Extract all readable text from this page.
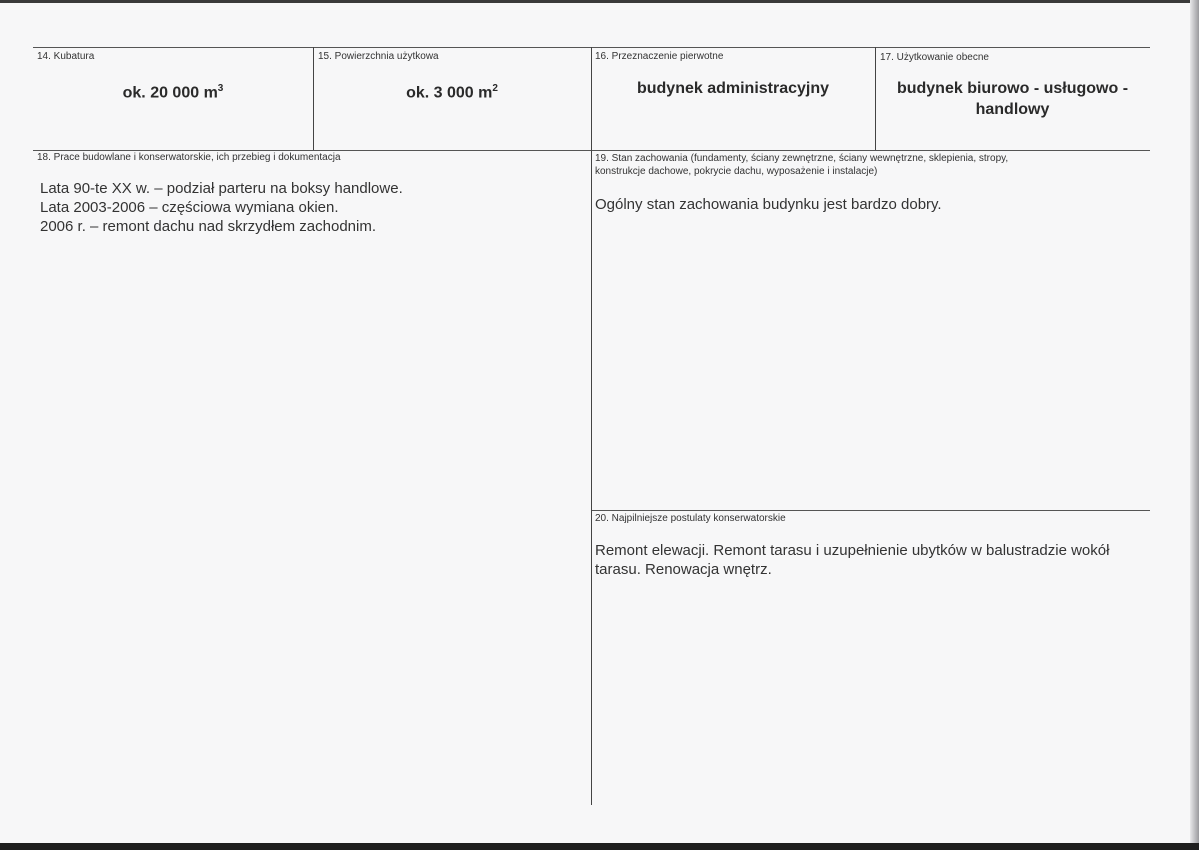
14. Kubatura
ok. 20 000 $m^3$
15. Powierzchnia użytkowa
ok. 3 000 $m^2$
16. Przeznaczenie pierwotne
budynek administracyjny
17. Użytkowanie obecne
budynek biurowo - usługowo -
handlowy
18. Prace budowlane i konserwatorskie, ich przebieg i dokumentacja
Lata 90-te XX w. – podział parteru na boksy handlowe.
Lata 2003-2006 – częściowa wymiana okien.
2006 r. – remont dachu nad skrzydłem zachodnim.
19. Stan zachowania (fundamenty, ściany zewnętrzne, ściany wewnętrzne, sklepienia, stropy,
konstrukcje dachowe, pokrycie dachu, wyposażenie i instalacje)
Ogólny stan zachowania budynku jest bardzo dobry.
20. Najpilniejsze postulaty konserwatorskie
Remont elewacji. Remont tarasu i uzupełnienie ubytków w balustradzie wokół
tarasu. Renowacja wnętrz.
